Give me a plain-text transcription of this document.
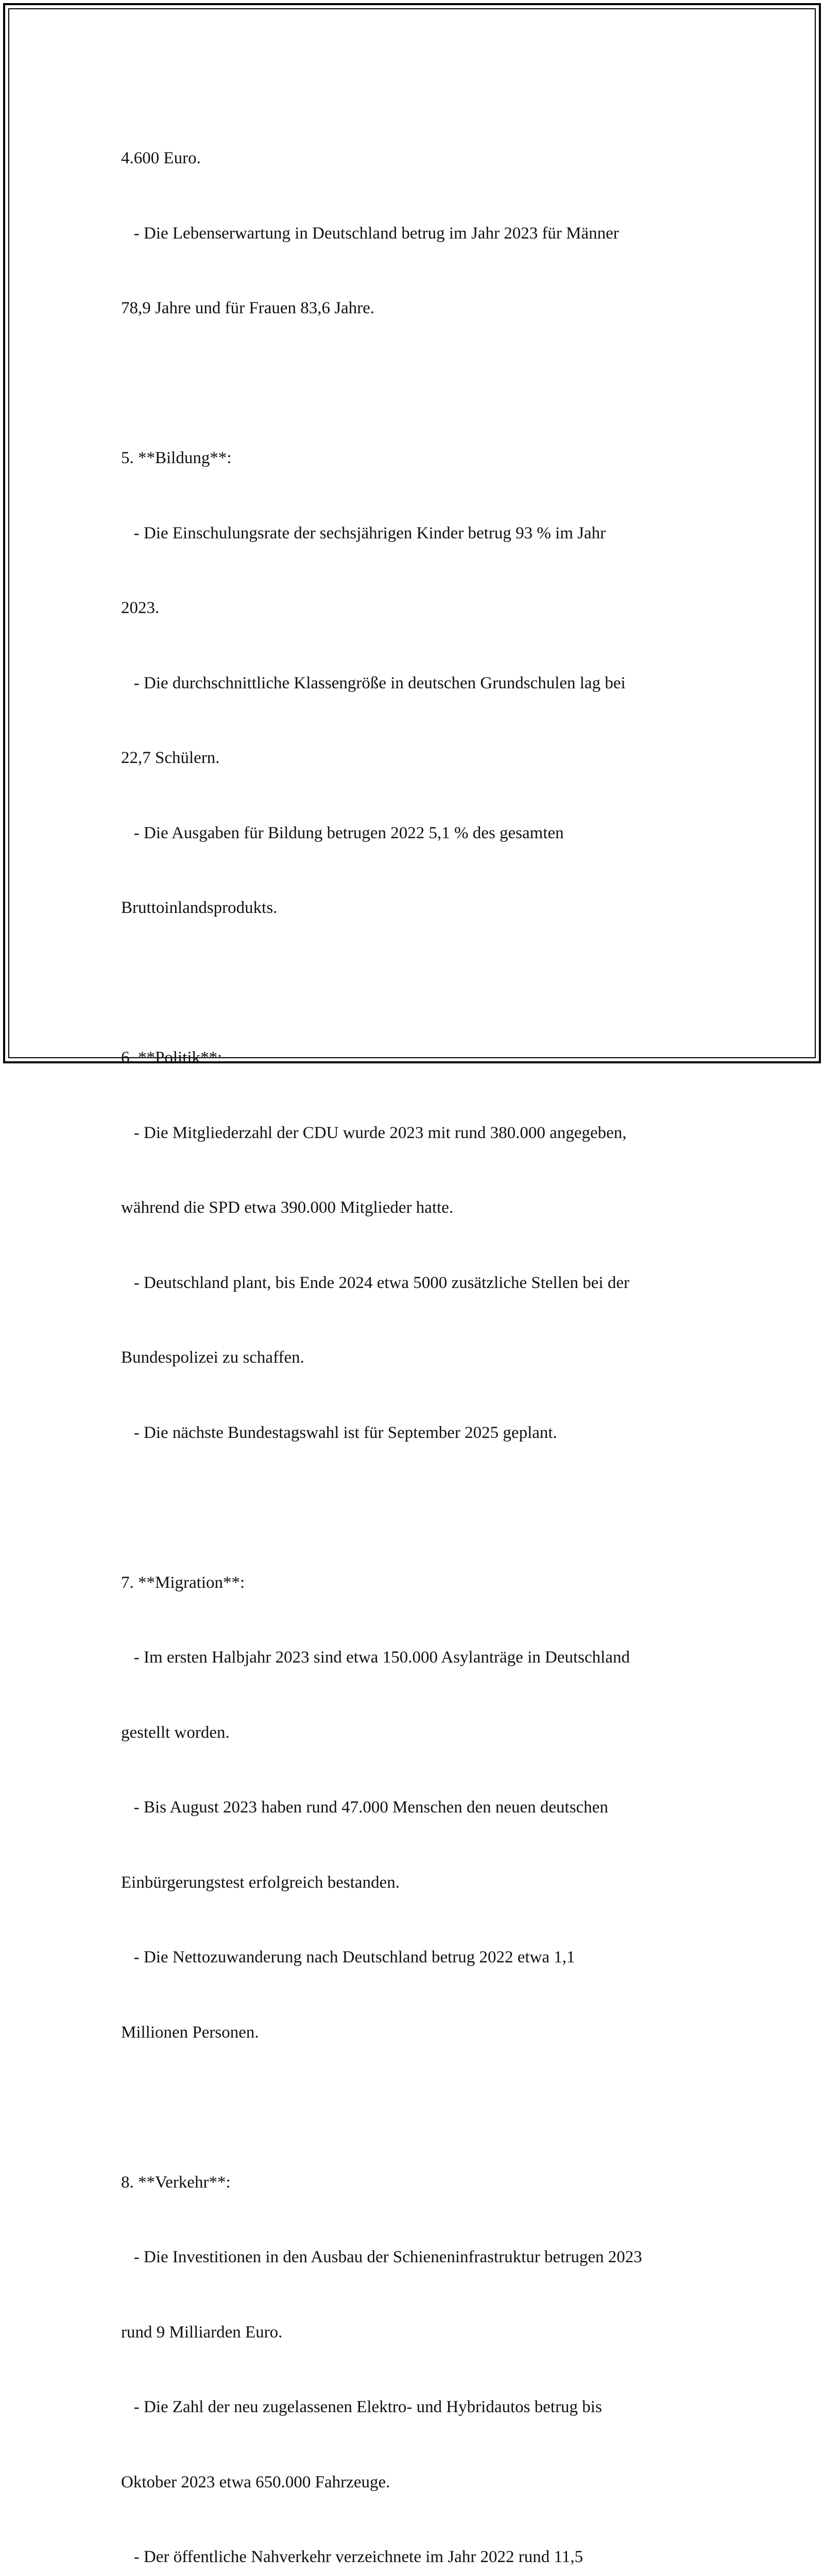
4.600 Euro.

- Die Lebenserwartung in Deutschland betrug im Jahr 2023 für Männer

78,9 Jahre und für Frauen 83,6 Jahre.

5. **Bildung**:

- Die Einschulungsrate der sechsjährigen Kinder betrug 93 % im Jahr

2023.

- Die durchschnittliche Klassengröße in deutschen Grundschulen lag bei

22,7 Schülern.

- Die Ausgaben für Bildung betrugen 2022 5,1 % des gesamten

Bruttoinlandsprodukts.

6. **Politik**:

- Die Mitgliederzahl der CDU wurde 2023 mit rund 380.000 angegeben,

während die SPD etwa 390.000 Mitglieder hatte.

- Deutschland plant, bis Ende 2024 etwa 5000 zusätzliche Stellen bei der

Bundespolizei zu schaffen.

- Die nächste Bundestagswahl ist für September 2025 geplant.

7. **Migration**:

- Im ersten Halbjahr 2023 sind etwa 150.000 Asylanträge in Deutschland

gestellt worden.

- Bis August 2023 haben rund 47.000 Menschen den neuen deutschen

Einbürgerungstest erfolgreich bestanden.

- Die Nettozuwanderung nach Deutschland betrug 2022 etwa 1,1

Millionen Personen.

8. **Verkehr**:

- Die Investitionen in den Ausbau der Schieneninfrastruktur betrugen 2023

rund 9 Milliarden Euro.

- Die Zahl der neu zugelassenen Elektro- und Hybridautos betrug bis

Oktober 2023 etwa 650.000 Fahrzeuge.

- Der öffentliche Nahverkehr verzeichnete im Jahr 2022 rund 11,5
